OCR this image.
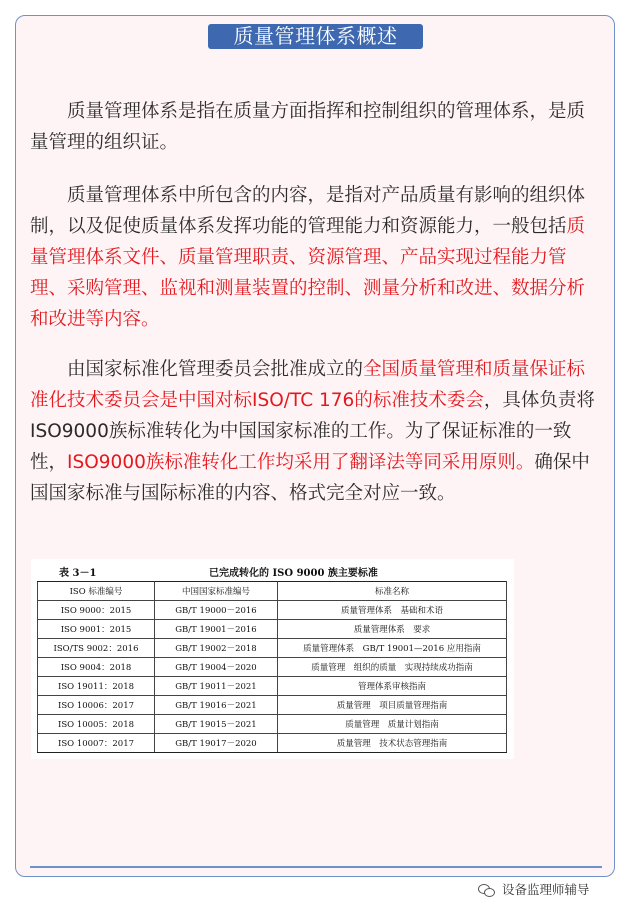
质量管理体系概述

质量管理体系是指在质量方面指挥和控制组织的管理体系，是质量管理的组织证。

质量管理体系中所包含的内容，是指对产品质量有影响的组织体制，以及促使质量体系发挥功能的管理能力和资源能力，一般包括质量管理体系文件、质量管理职责、资源管理、产品实现过程能力管理、采购管理、监视和测量装置的控制、测量分析和改进、数据分析和改进等内容。

由国家标准化管理委员会批准成立的全国质量管理和质量保证标准化技术委员会是中国对标ISO/TC 176的标准技术委会，具体负责将ISO9000族标准转化为中国国家标准的工作。为了保证标准的一致性，ISO9000族标准转化工作均采用了翻译法等同采用原则。确保中国国家标准与国际标准的内容、格式完全对应一致。

表 3－1	已完成转化的 ISO 9000 族主要标准
ISO 标准编号	中国国家标准编号	标准名称
ISO 9000：2015	GB/T 19000－2016	质量管理体系　基础和术语
ISO 9001：2015	GB/T 19001－2016	质量管理体系　要求
ISO/TS 9002：2016	GB/T 19002－2018	质量管理体系　GB/T 19001—2016 应用指南
ISO 9004：2018	GB/T 19004－2020	质量管理　组织的质量　实现持续成功指南
ISO 19011：2018	GB/T 19011－2021	管理体系审核指南
ISO 10006：2017	GB/T 19016－2021	质量管理　项目质量管理指南
ISO 10005：2018	GB/T 19015－2021	质量管理　质量计划指南
ISO 10007：2017	GB/T 19017－2020	质量管理　技术状态管理指南
设备监理师辅导
